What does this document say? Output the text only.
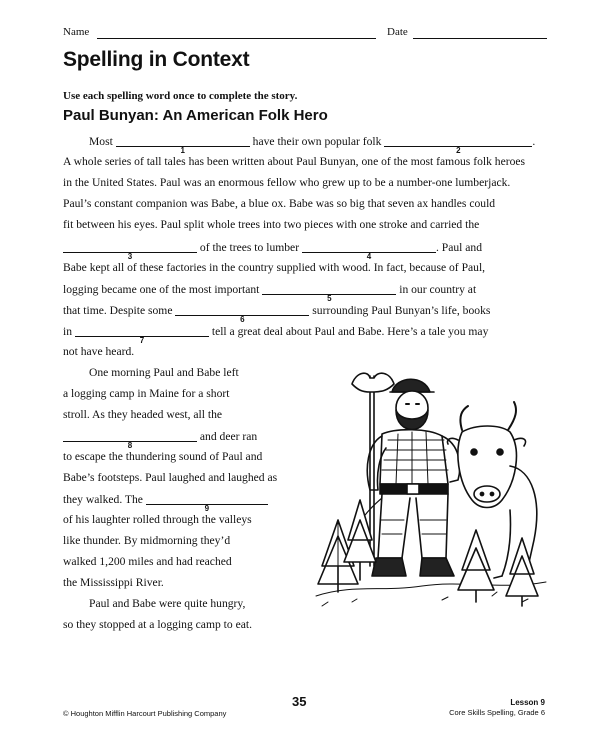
Name	Date
Spelling in Context
Use each spelling word once to complete the story.
Paul Bunyan: An American Folk Hero
Most
1
have their own popular folk
2
.
A whole series of tall tales has been written about Paul Bunyan, one of the most famous folk heroes
in the United States. Paul was an enormous fellow who grew up to be a number-one lumberjack.
Paul’s constant companion was Babe, a blue ox. Babe was so big that seven ax handles could
fit between his eyes. Paul split whole trees into two pieces with one stroke and carried the
3
of the trees to lumber
4
. Paul and
Babe kept all of these factories in the country supplied with wood. In fact, because of Paul,
logging became one of the most important
5
in our country at
that time. Despite some
6
surrounding Paul Bunyan’s life, books
in
7
tell a great deal about Paul and Babe. Here’s a tale you may
not have heard.
One morning Paul and Babe left
a logging camp in Maine for a short
stroll. As they headed west, all the
8
and deer ran
to escape the thundering sound of Paul and
Babe’s footsteps. Paul laughed and laughed as
they walked. The
9
of his laughter rolled through the valleys
like thunder. By midmorning they’d
walked 1,200 miles and had reached
the Mississippi River.
Paul and Babe were quite hungry,
so they stopped at a logging camp to eat.
© Houghton Mifflin Harcourt Publishing Company
35	Lesson 9
Core Skills Spelling, Grade 6
